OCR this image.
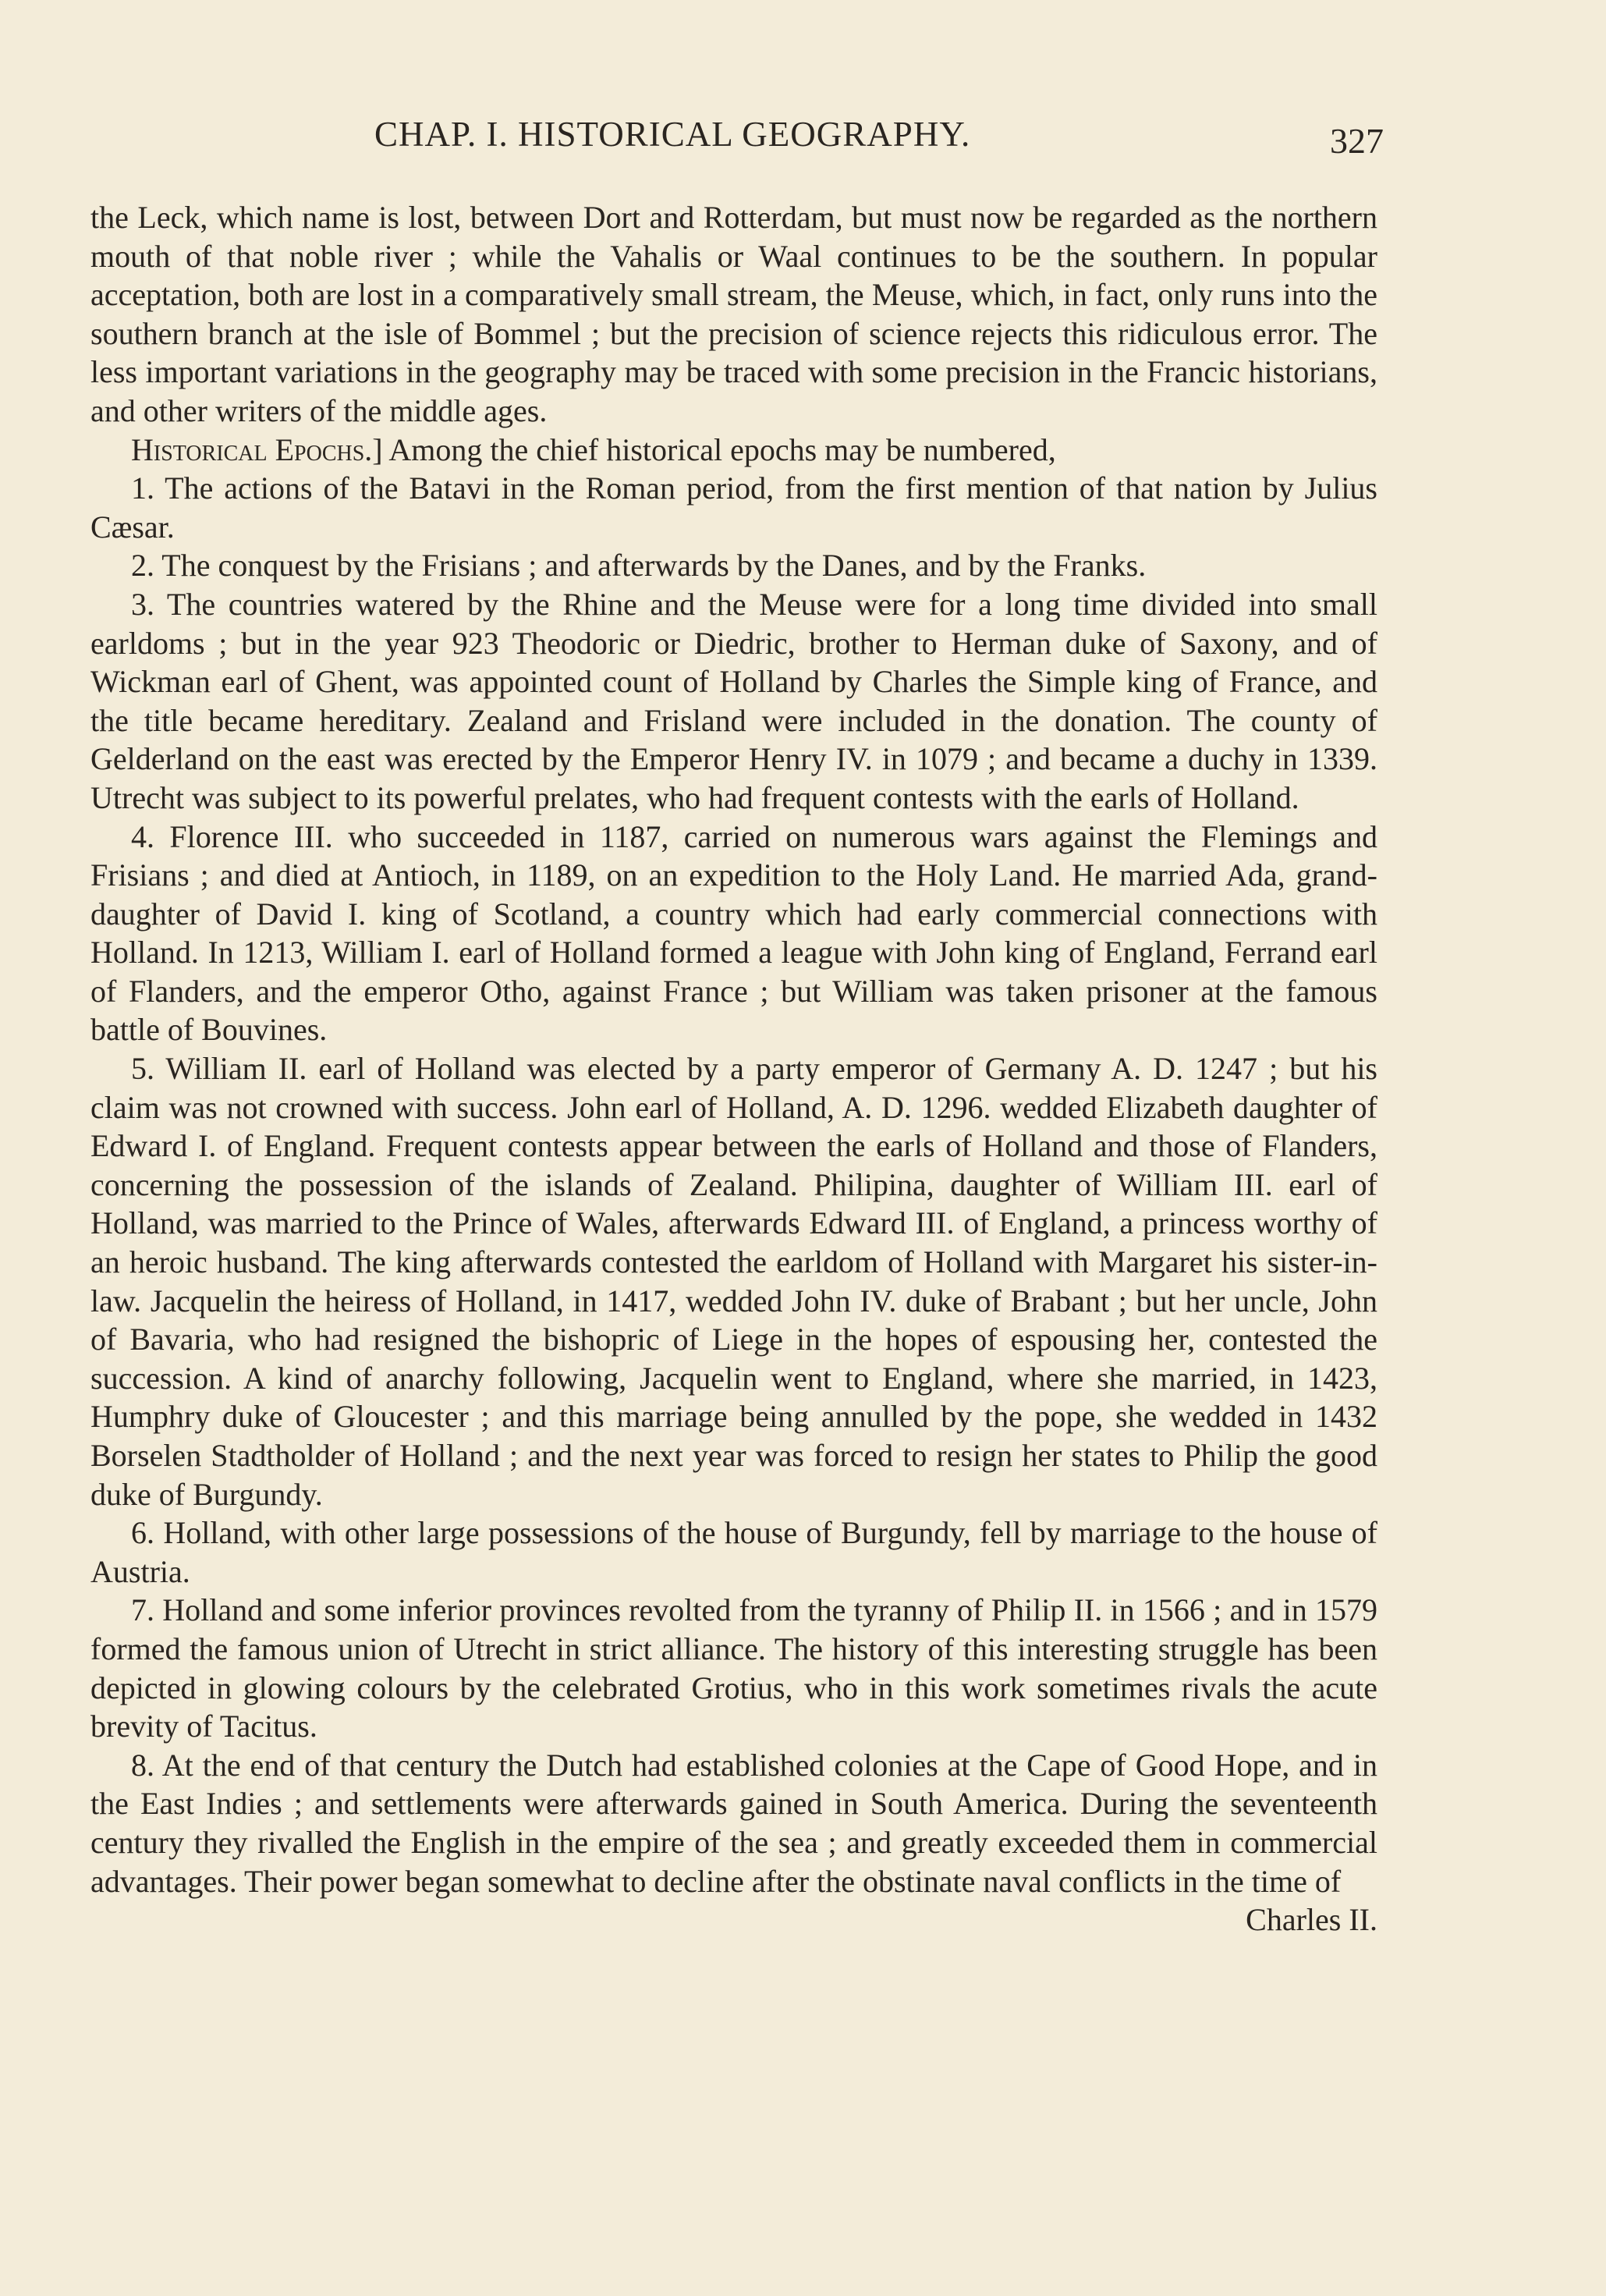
CHAP. I. HISTORICAL GEOGRAPHY.	327

the Leck, which name is lost, between Dort and Rotterdam, but must now be regarded as the northern mouth of that noble river ; while the Vahalis or Waal continues to be the southern. In popular acceptation, both are lost in a comparatively small stream, the Meuse, which, in fact, only runs into the southern branch at the isle of Bommel ; but the precision of science rejects this ridiculous error. The less important variations in the geography may be traced with some precision in the Francic historians, and other writers of the middle ages.

Historical Epochs.] Among the chief historical epochs may be numbered,

1. The actions of the Batavi in the Roman period, from the first mention of that nation by Julius Cæsar.

2. The conquest by the Frisians ; and afterwards by the Danes, and by the Franks.

3. The countries watered by the Rhine and the Meuse were for a long time divided into small earldoms ; but in the year 923 Theodoric or Diedric, brother to Herman duke of Saxony, and of Wickman earl of Ghent, was appointed count of Holland by Charles the Simple king of France, and the title became hereditary. Zealand and Frisland were included in the donation. The county of Gelderland on the east was erected by the Emperor Henry IV. in 1079 ; and became a duchy in 1339. Utrecht was subject to its powerful prelates, who had frequent contests with the earls of Holland.

4. Florence III. who succeeded in 1187, carried on numerous wars against the Flemings and Frisians ; and died at Antioch, in 1189, on an expedition to the Holy Land. He married Ada, grand-daughter of David I. king of Scotland, a country which had early commercial connections with Holland. In 1213, William I. earl of Holland formed a league with John king of England, Ferrand earl of Flanders, and the emperor Otho, against France ; but William was taken prisoner at the famous battle of Bouvines.

5. William II. earl of Holland was elected by a party emperor of Germany A. D. 1247 ; but his claim was not crowned with success. John earl of Holland, A. D. 1296. wedded Elizabeth daughter of Edward I. of England. Frequent contests appear between the earls of Holland and those of Flanders, concerning the possession of the islands of Zealand. Philipina, daughter of William III. earl of Holland, was married to the Prince of Wales, afterwards Edward III. of England, a princess worthy of an heroic husband. The king afterwards contested the earldom of Holland with Margaret his sister-in-law. Jacquelin the heiress of Holland, in 1417, wedded John IV. duke of Brabant ; but her uncle, John of Bavaria, who had resigned the bishopric of Liege in the hopes of espousing her, contested the succession. A kind of anarchy following, Jacquelin went to England, where she married, in 1423, Humphry duke of Gloucester ; and this marriage being annulled by the pope, she wedded in 1432 Borselen Stadtholder of Holland ; and the next year was forced to resign her states to Philip the good duke of Burgundy.

6. Holland, with other large possessions of the house of Burgundy, fell by marriage to the house of Austria.

7. Holland and some inferior provinces revolted from the tyranny of Philip II. in 1566 ; and in 1579 formed the famous union of Utrecht in strict alliance. The history of this interesting struggle has been depicted in glowing colours by the celebrated Grotius, who in this work sometimes rivals the acute brevity of Tacitus.

8. At the end of that century the Dutch had established colonies at the Cape of Good Hope, and in the East Indies ; and settlements were afterwards gained in South America. During the seventeenth century they rivalled the English in the empire of the sea ; and greatly exceeded them in commercial advantages. Their power began somewhat to decline after the obstinate naval conflicts in the time of

Charles II.
